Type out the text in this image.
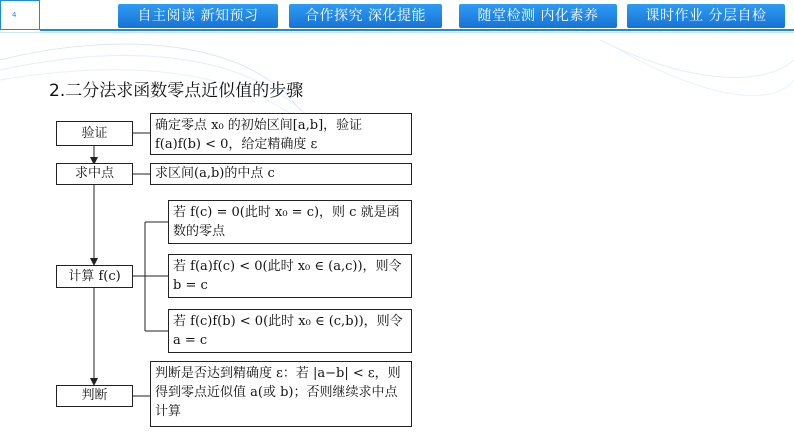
4	自主阅读 新知预习	合作探究 深化提能	随堂检测 内化素养	课时作业 分层自检
2.二分法求函数零点近似值的步骤
验证
求中点
计算 f(c)
判断
确定零点 x₀ 的初始区间[a,b]，验证 f(a)f(b) < 0，给定精确度 ε
求区间(a,b)的中点 c
若 f(c) = 0(此时 x₀ = c)，则 c 就是函数的零点
若 f(a)f(c) < 0(此时 x₀ ∈ (a,c))，则令 b = c
若 f(c)f(b) < 0(此时 x₀ ∈ (c,b))，则令 a = c
判断是否达到精确度 ε：若 |a−b| < ε，则得到零点近似值 a(或 b)；否则继续求中点计算
